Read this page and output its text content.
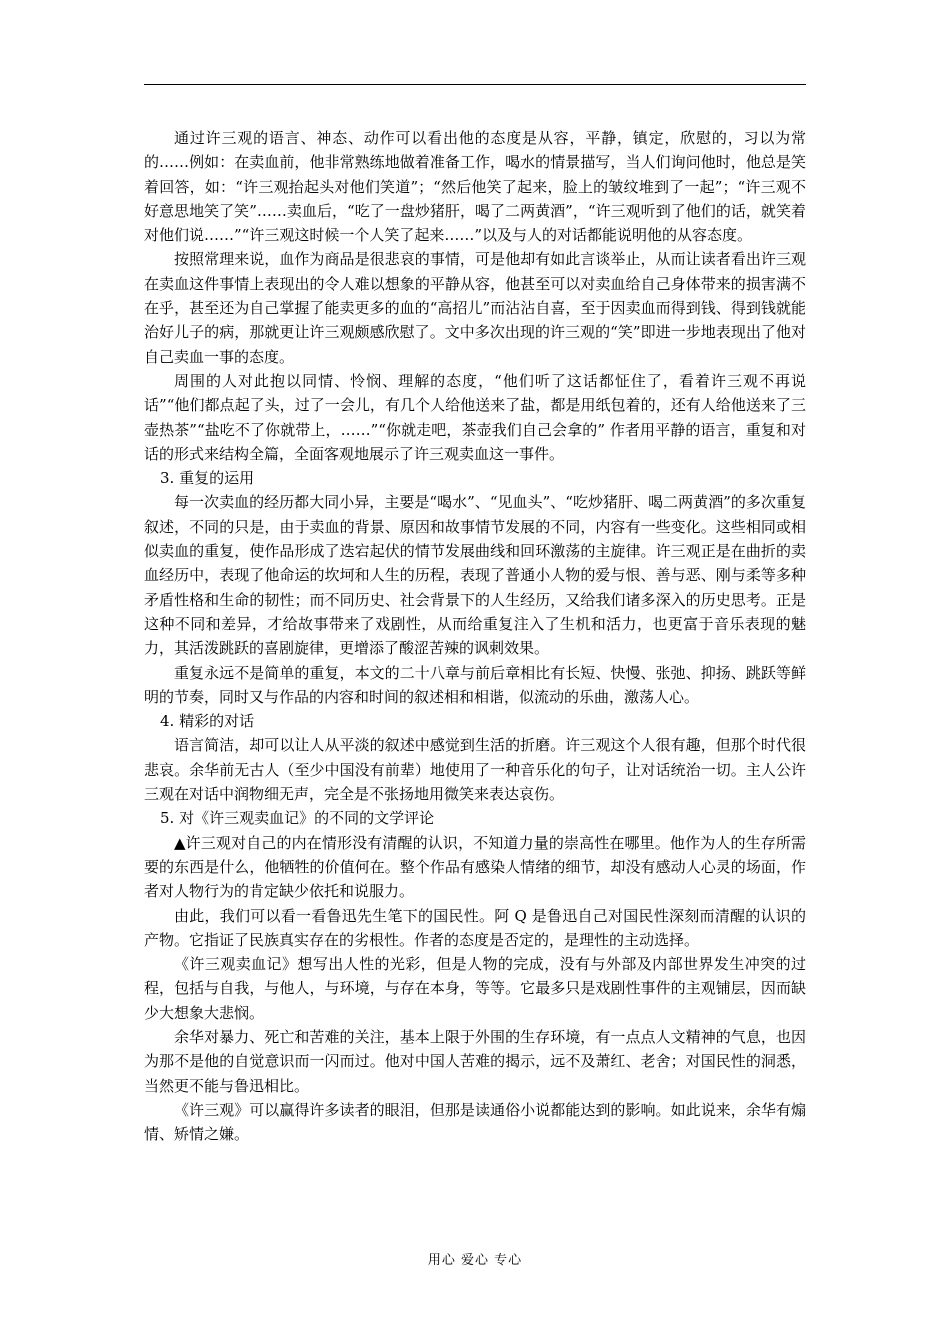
通过许三观的语言、神态、动作可以看出他的态度是从容，平静，镇定，欣慰的，习以为常的……例如：在卖血前，他非常熟练地做着准备工作，喝水的情景描写，当人们询问他时，他总是笑着回答，如：“许三观抬起头对他们笑道”；“然后他笑了起来，脸上的皱纹堆到了一起”；“许三观不好意思地笑了笑”……卖血后，“吃了一盘炒猪肝，喝了二两黄酒”，“许三观听到了他们的话，就笑着对他们说……”“许三观这时候一个人笑了起来……”以及与人的对话都能说明他的从容态度。

按照常理来说，血作为商品是很悲哀的事情，可是他却有如此言谈举止，从而让读者看出许三观在卖血这件事情上表现出的令人难以想象的平静从容，他甚至可以对卖血给自己身体带来的损害满不在乎，甚至还为自己掌握了能卖更多的血的“高招儿”而沾沾自喜，至于因卖血而得到钱、得到钱就能治好儿子的病，那就更让许三观颇感欣慰了。文中多次出现的许三观的“笑”即进一步地表现出了他对自己卖血一事的态度。

周围的人对此抱以同情、怜悯、理解的态度，“他们听了这话都怔住了，看着许三观不再说话”“他们都点起了头，过了一会儿，有几个人给他送来了盐，都是用纸包着的，还有人给他送来了三壶热茶”“盐吃不了你就带上，……”“你就走吧，茶壶我们自己会拿的” 作者用平静的语言，重复和对话的形式来结构全篇，全面客观地展示了许三观卖血这一事件。

3. 重复的运用

每一次卖血的经历都大同小异，主要是“喝水”、“见血头”、“吃炒猪肝、喝二两黄酒”的多次重复叙述，不同的只是，由于卖血的背景、原因和故事情节发展的不同，内容有一些变化。这些相同或相似卖血的重复，使作品形成了迭宕起伏的情节发展曲线和回环激荡的主旋律。许三观正是在曲折的卖血经历中，表现了他命运的坎坷和人生的历程，表现了普通小人物的爱与恨、善与恶、刚与柔等多种矛盾性格和生命的韧性；而不同历史、社会背景下的人生经历，又给我们诸多深入的历史思考。正是这种不同和差异，才给故事带来了戏剧性，从而给重复注入了生机和活力，也更富于音乐表现的魅力，其活泼跳跃的喜剧旋律，更增添了酸涩苦辣的讽刺效果。

重复永远不是简单的重复，本文的二十八章与前后章相比有长短、快慢、张弛、抑扬、跳跃等鲜明的节奏，同时又与作品的内容和时间的叙述相和相谐，似流动的乐曲，激荡人心。

4. 精彩的对话

语言简洁，却可以让人从平淡的叙述中感觉到生活的折磨。许三观这个人很有趣，但那个时代很悲哀。余华前无古人（至少中国没有前辈）地使用了一种音乐化的句子，让对话统治一切。主人公许三观在对话中润物细无声，完全是不张扬地用微笑来表达哀伤。

5. 对《许三观卖血记》的不同的文学评论

▲许三观对自己的内在情形没有清醒的认识，不知道力量的崇高性在哪里。他作为人的生存所需要的东西是什么，他牺牲的价值何在。整个作品有感染人情绪的细节，却没有感动人心灵的场面，作者对人物行为的肯定缺少依托和说服力。

由此，我们可以看一看鲁迅先生笔下的国民性。阿 Q 是鲁迅自己对国民性深刻而清醒的认识的产物。它指证了民族真实存在的劣根性。作者的态度是否定的，是理性的主动选择。

《许三观卖血记》想写出人性的光彩，但是人物的完成，没有与外部及内部世界发生冲突的过程，包括与自我，与他人，与环境，与存在本身，等等。它最多只是戏剧性事件的主观铺层，因而缺少大想象大悲悯。

余华对暴力、死亡和苦难的关注，基本上限于外围的生存环境，有一点点人文精神的气息，也因为那不是他的自觉意识而一闪而过。他对中国人苦难的揭示，远不及萧红、老舍；对国民性的洞悉，当然更不能与鲁迅相比。

《许三观》可以赢得许多读者的眼泪，但那是读通俗小说都能达到的影响。如此说来，余华有煽情、矫情之嫌。

用心 爱心 专心
